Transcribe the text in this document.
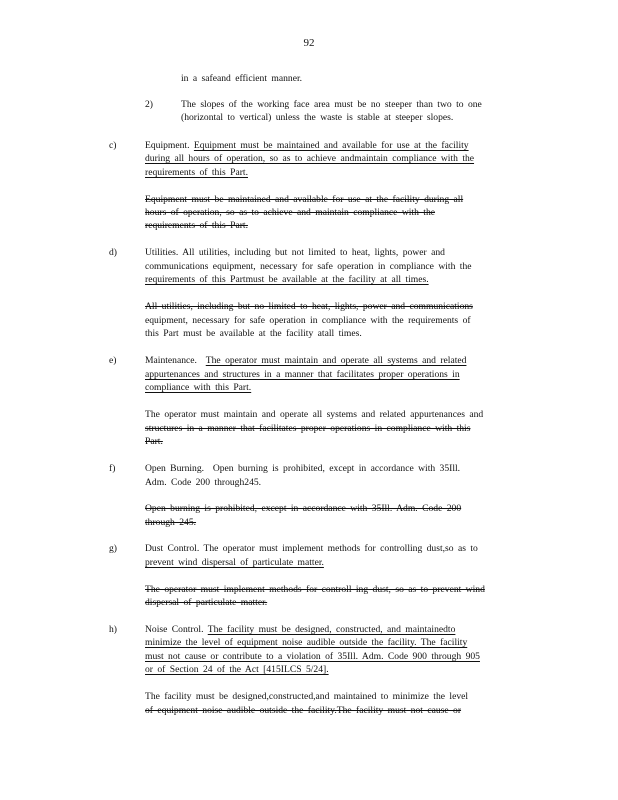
92
in a safeand efficient manner.
2)	The slopes of the working face area must be no steeper than two to one
(horizontal to vertical) unless the waste is stable at steeper slopes.
c)	Equipment. Equipment must be maintained and available for use at the facility
during all hours of operation, so as to achieve andmaintain compliance with the
requirements of this Part.
Equipment must be maintained and available for use at the facility during all
hours of operation, so as to achieve and maintain compliance with the
requirements of this Part.
d)	Utilities. All utilities, including but not limited to heat, lights, power and
communications equipment, necessary for safe operation in compliance with the
requirements of this Partmust be available at the facility at all times.
All utilities, including but no limited to heat, lights, power and communications
equipment, necessary for safe operation in compliance with the requirements of
this Part must be available at the facility atall times.
e)	Maintenance. The operator must maintain and operate all systems and related
appurtenances and structures in a manner that facilitates proper operations in
compliance with this Part.
The operator must maintain and operate all systems and related appurtenances and
structures in a manner that facilitates proper operations in compliance with this
Part.
f)	Open Burning. Open burning is prohibited, except in accordance with 35Ill.
Adm. Code 200 through245.
Open burning is prohibited, except in accordance with 35Ill. Adm. Code 200
through 245.
g)	Dust Control. The operator must implement methods for controlling dust,so as to
prevent wind dispersal of particulate matter.
The operator must implement methods for controll ing dust, so as to prevent wind
dispersal of particulate matter.
h)	Noise Control. The facility must be designed, constructed, and maintainedto
minimize the level of equipment noise audible outside the facility. The facility
must not cause or contribute to a violation of 35Ill. Adm. Code 900 through 905
or of Section 24 of the Act [415ILCS 5/24].
The facility must be designed,constructed,and maintained to minimize the level
of equipment noise audible outside the facility.The facility must not cause or
